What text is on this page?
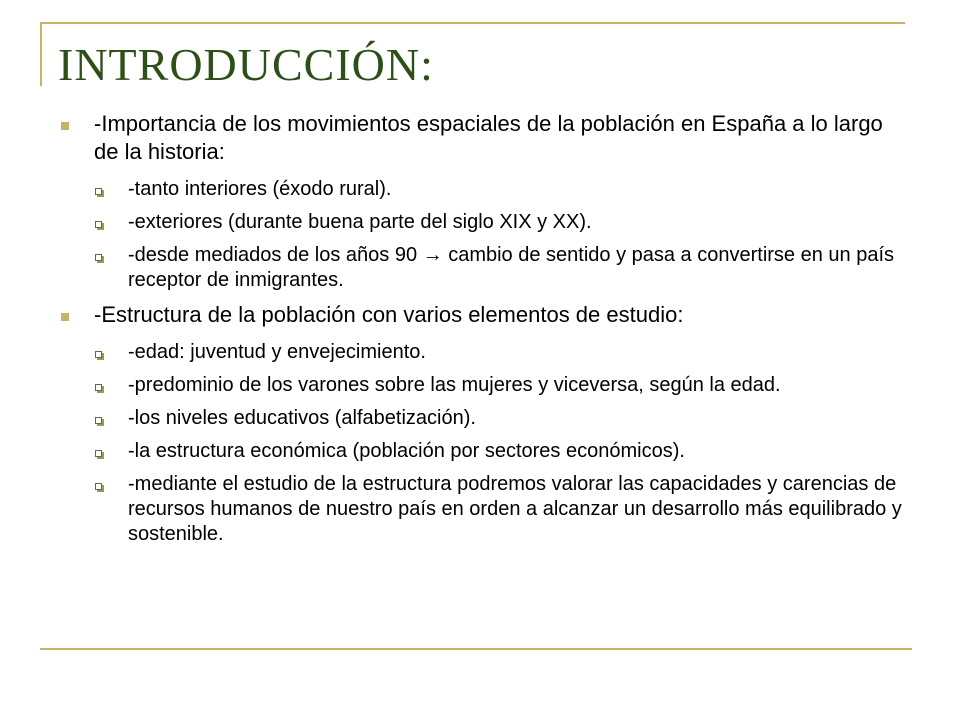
INTRODUCCIÓN:
-Importancia de los movimientos espaciales de la población en España a lo largo de la historia:
-tanto interiores (éxodo rural).
-exteriores (durante buena parte del siglo XIX y XX).
-desde mediados de los años 90 → cambio de sentido y pasa a convertirse en un país receptor de inmigrantes.
-Estructura de la población con varios elementos de estudio:
-edad: juventud y envejecimiento.
-predominio de los varones sobre las mujeres y viceversa, según la edad.
-los niveles educativos (alfabetización).
-la estructura económica (población por sectores económicos).
-mediante el estudio de la estructura podremos valorar las capacidades y carencias de recursos humanos de nuestro país en orden a alcanzar un desarrollo más equilibrado y sostenible.
